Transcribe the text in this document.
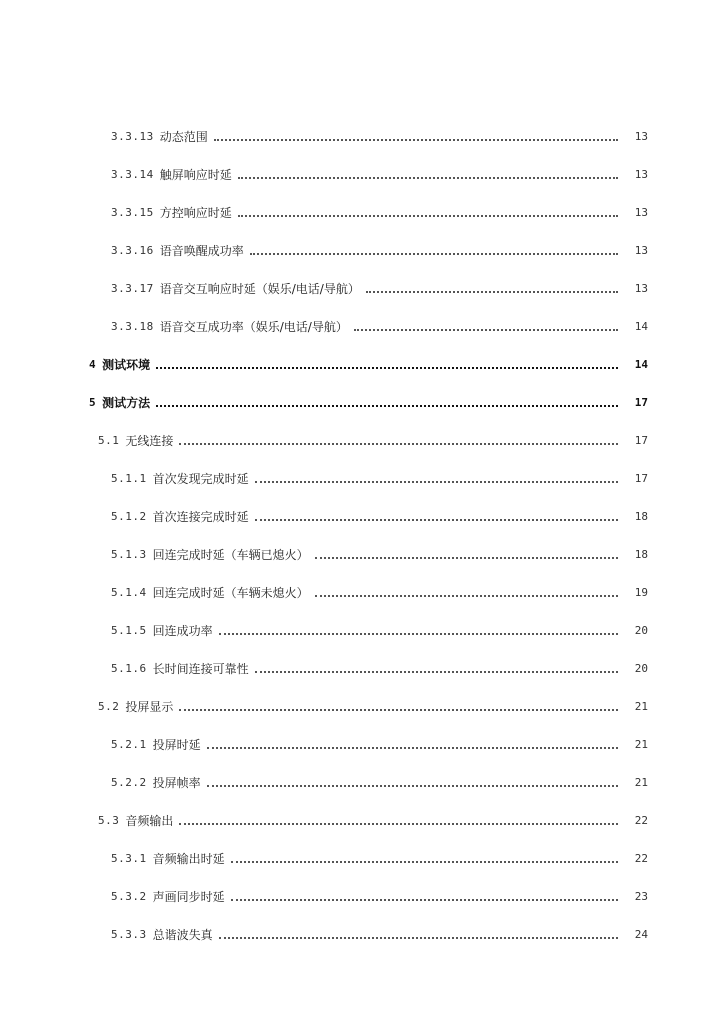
3.3.13 动态范围	13
3.3.14 触屏响应时延	13
3.3.15 方控响应时延	13
3.3.16 语音唤醒成功率	13
3.3.17 语音交互响应时延（娱乐/电话/导航）	13
3.3.18 语音交互成功率（娱乐/电话/导航）	14
4 测试环境	14
5 测试方法	17
5.1 无线连接	17
5.1.1 首次发现完成时延	17
5.1.2 首次连接完成时延	18
5.1.3 回连完成时延（车辆已熄火）	18
5.1.4 回连完成时延（车辆未熄火）	19
5.1.5 回连成功率	20
5.1.6 长时间连接可靠性	20
5.2 投屏显示	21
5.2.1 投屏时延	21
5.2.2 投屏帧率	21
5.3 音频输出	22
5.3.1 音频输出时延	22
5.3.2 声画同步时延	23
5.3.3 总谐波失真	24
